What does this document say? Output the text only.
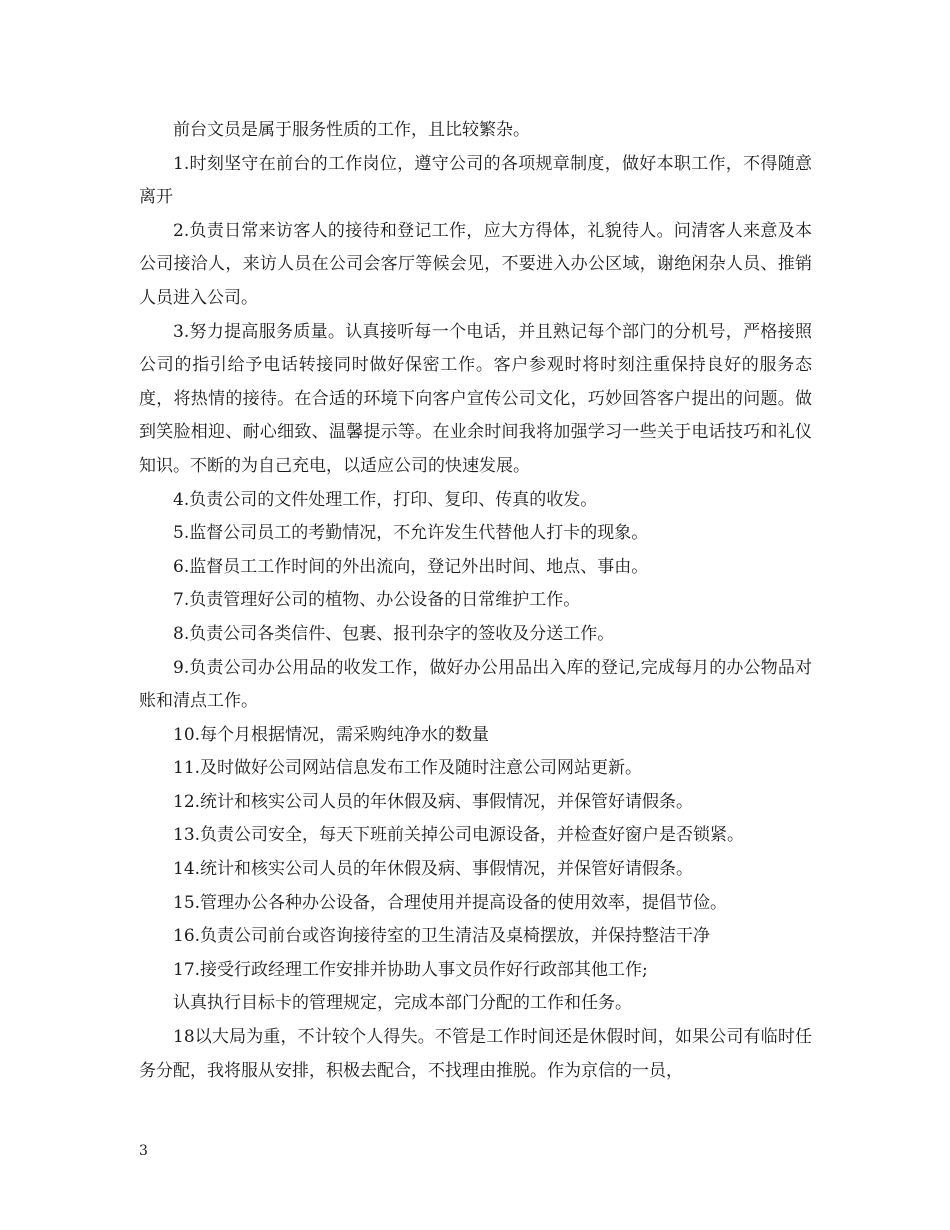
前台文员是属于服务性质的工作，且比较繁杂。

1.时刻坚守在前台的工作岗位，遵守公司的各项规章制度，做好本职工作，不得随意离开

2.负责日常来访客人的接待和登记工作，应大方得体，礼貌待人。问清客人来意及本公司接洽人，来访人员在公司会客厅等候会见，不要进入办公区域，谢绝闲杂人员、推销人员进入公司。

3.努力提高服务质量。认真接听每一个电话，并且熟记每个部门的分机号，严格接照公司的指引给予电话转接同时做好保密工作。客户参观时将时刻注重保持良好的服务态度，将热情的接待。在合适的环境下向客户宣传公司文化，巧妙回答客户提出的问题。做到笑脸相迎、耐心细致、温馨提示等。在业余时间我将加强学习一些关于电话技巧和礼仪知识。不断的为自己充电，以适应公司的快速发展。

4.负责公司的文件处理工作，打印、复印、传真的收发。

5.监督公司员工的考勤情况，不允许发生代替他人打卡的现象。

6.监督员工工作时间的外出流向，登记外出时间、地点、事由。

7.负责管理好公司的植物、办公设备的日常维护工作。

8.负责公司各类信件、包裹、报刊杂字的签收及分送工作。

9.负责公司办公用品的收发工作，做好办公用品出入库的登记,完成每月的办公物品对账和清点工作。

10.每个月根据情况，需采购纯净水的数量

11.及时做好公司网站信息发布工作及随时注意公司网站更新。

12.统计和核实公司人员的年休假及病、事假情况，并保管好请假条。

13.负责公司安全，每天下班前关掉公司电源设备，并检查好窗户是否锁紧。

14.统计和核实公司人员的年休假及病、事假情况，并保管好请假条。

15.管理办公各种办公设备，合理使用并提高设备的使用效率，提倡节俭。

16.负责公司前台或咨询接待室的卫生清洁及桌椅摆放，并保持整洁干净

17.接受行政经理工作安排并协助人事文员作好行政部其他工作;

认真执行目标卡的管理规定，完成本部门分配的工作和任务。

18以大局为重，不计较个人得失。不管是工作时间还是休假时间，如果公司有临时任务分配，我将服从安排，积极去配合，不找理由推脱。作为京信的一员，

3
